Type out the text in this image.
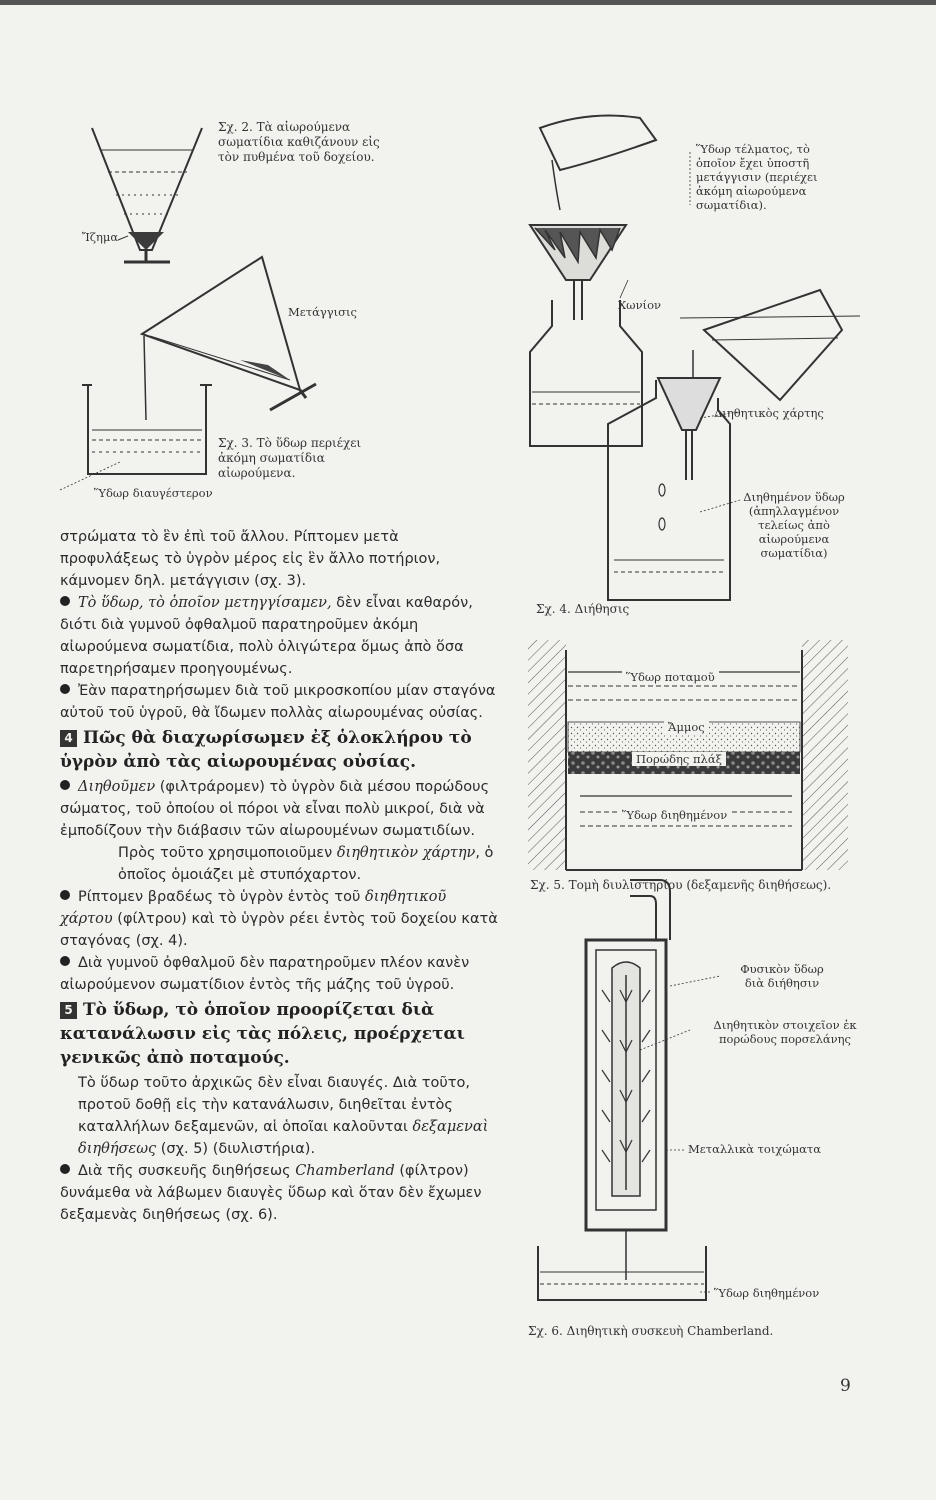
Σχ. 2. Τὰ αἰωρούμενα σωματίδια καθιζάνουν εἰς τὸν πυθμένα τοῦ δοχείου.
Ἴζημα
Μετάγγισις
Σχ. 3. Τὸ ὕδωρ περιέχει ἀκόμη σωματίδια αἰωρούμενα.
Ὕδωρ διαυγέστερον
Ὕδωρ τέλματος, τὸ ὁποῖον ἔχει ὑποστῆ μετάγγισιν (περιέχει ἀκόμη αἰωρούμενα σωματίδια).
Χωνίον
Διηθητικὸς χάρτης
Διηθημένον ὕδωρ (ἀπηλλαγμένον τελείως ἀπὸ αἰωρούμενα σωματίδια)
Σχ. 4. Διήθησις
Ὕδωρ ποταμοῦ
Ἄμμος
Πορώδης πλάξ
Ὕδωρ διηθημένον
Σχ. 5. Τομὴ διυλιστηρίου (δεξαμενῆς διηθήσεως).
Φυσικὸν ὕδωρ διὰ διήθησιν
Διηθητικὸν στοιχεῖον ἐκ πορώδους πορσελάνης
Μεταλλικὰ τοιχώματα
Ὕδωρ διηθημένον
Σχ. 6. Διηθητικὴ συσκευὴ Chamberland.

στρώματα τὸ ἓν ἐπὶ τοῦ ἄλλου. Ρίπτομεν μετὰ προφυλάξεως τὸ ὑγρὸν μέρος εἰς ἓν ἄλλο ποτήριον, κάμνομεν δηλ. μετάγγισιν (σχ. 3).

Τὸ ὕδωρ, τὸ ὁποῖον μετηγγίσαμεν, δὲν εἶναι καθαρόν, διότι διὰ γυμνοῦ ὀφθαλμοῦ παρατηροῦμεν ἀκόμη αἰωρούμενα σωματίδια, πολὺ ὀλιγώτερα ὅμως ἀπὸ ὅσα παρετηρήσαμεν προηγουμένως.

Ἐὰν παρατηρήσωμεν διὰ τοῦ μικροσκοπίου μίαν σταγόνα αὐτοῦ τοῦ ὑγροῦ, θὰ ἴδωμεν πολλὰς αἰωρουμένας οὐσίας.

4 Πῶς θὰ διαχωρίσωμεν ἐξ ὁλοκλήρου τὸ ὑγρὸν ἀπὸ τὰς αἰωρουμένας οὐσίας.

Διηθοῦμεν (φιλτράρομεν) τὸ ὑγρὸν διὰ μέσου πορώδους σώματος, τοῦ ὁποίου οἱ πόροι νὰ εἶναι πολὺ μικροί, διὰ νὰ ἐμποδίζουν τὴν διάβασιν τῶν αἰωρουμένων σωματιδίων.

Πρὸς τοῦτο χρησιμοποιοῦμεν διηθητικὸν χάρτην, ὁ ὁποῖος ὁμοιάζει μὲ στυπόχαρτον.

Ρίπτομεν βραδέως τὸ ὑγρὸν ἐντὸς τοῦ διηθητικοῦ χάρτου (φίλτρου) καὶ τὸ ὑγρὸν ρέει ἐντὸς τοῦ δοχείου κατὰ σταγόνας (σχ. 4).

Διὰ γυμνοῦ ὀφθαλμοῦ δὲν παρατηροῦμεν πλέον κανὲν αἰωρούμενον σωματίδιον ἐντὸς τῆς μάζης τοῦ ὑγροῦ.

5 Τὸ ὕδωρ, τὸ ὁποῖον προορίζεται διὰ κατανάλωσιν εἰς τὰς πόλεις, προέρχεται γενικῶς ἀπὸ ποταμούς.

Τὸ ὕδωρ τοῦτο ἀρχικῶς δὲν εἶναι διαυγές. Διὰ τοῦτο, προτοῦ δοθῇ εἰς τὴν κατανάλωσιν, διηθεῖται ἐντὸς καταλλήλων δεξαμενῶν, αἱ ὁποῖαι καλοῦνται δεξαμεναὶ διηθήσεως (σχ. 5) (διυλιστήρια).

Διὰ τῆς συσκευῆς διηθήσεως Chamberland (φίλτρον) δυνάμεθα νὰ λάβωμεν διαυγὲς ὕδωρ καὶ ὅταν δὲν ἔχωμεν δεξαμενὰς διηθήσεως (σχ. 6).

9
